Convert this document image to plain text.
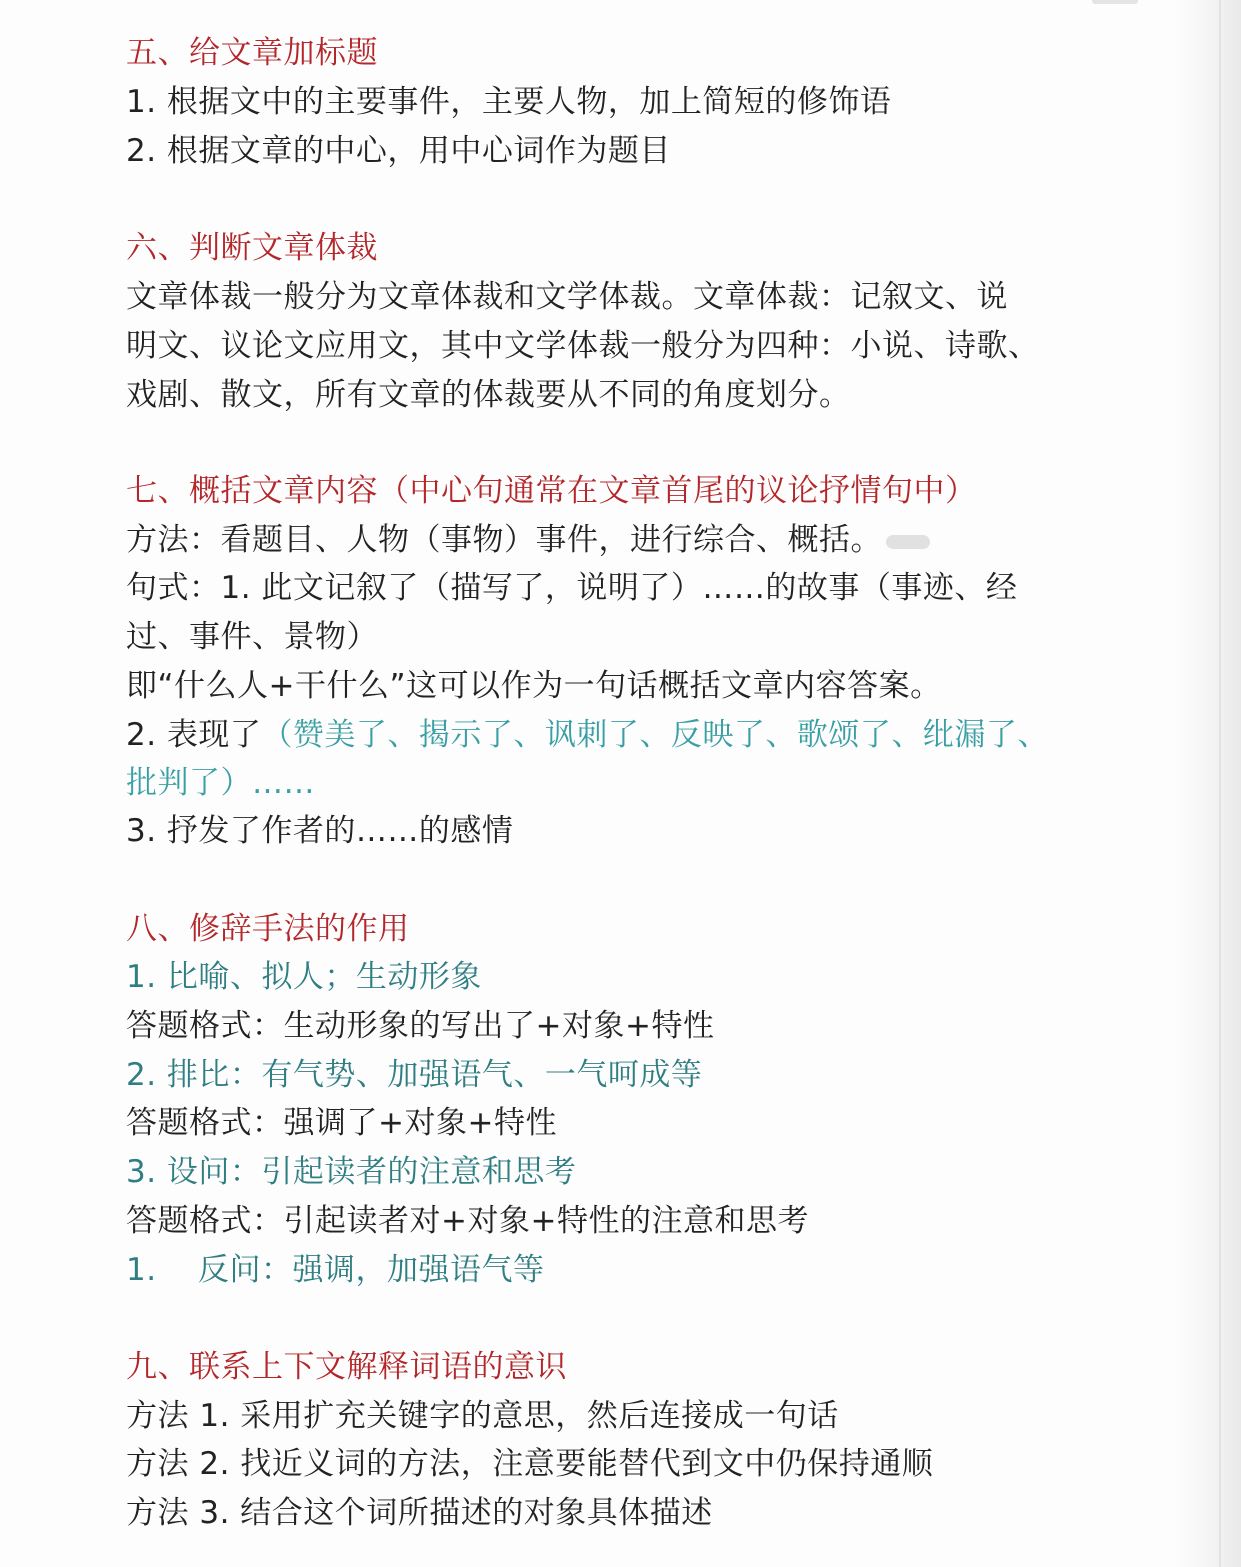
五、给文章加标题
1. 根据文中的主要事件，主要人物，加上简短的修饰语
2. 根据文章的中心，用中心词作为题目
六、判断文章体裁
文章体裁一般分为文章体裁和文学体裁。文章体裁：记叙文、说
明文、议论文应用文，其中文学体裁一般分为四种：小说、诗歌、
戏剧、散文，所有文章的体裁要从不同的角度划分。
七、概括文章内容（中心句通常在文章首尾的议论抒情句中）
方法：看题目、人物（事物）事件，进行综合、概括。
句式：1. 此文记叙了（描写了，说明了）……的故事（事迹、经
过、事件、景物）
即“什么人+干什么”这可以作为一句话概括文章内容答案。
2. 表现了（赞美了、揭示了、讽刺了、反映了、歌颂了、纰漏了、
批判了）……
3. 抒发了作者的……的感情
八、修辞手法的作用
1. 比喻、拟人；生动形象
答题格式：生动形象的写出了+对象+特性
2. 排比：有气势、加强语气、一气呵成等
答题格式：强调了+对象+特性
3. 设问：引起读者的注意和思考
答题格式：引起读者对+对象+特性的注意和思考
1.    反问：强调，加强语气等
九、联系上下文解释词语的意识
方法 1. 采用扩充关键字的意思，然后连接成一句话
方法 2. 找近义词的方法，注意要能替代到文中仍保持通顺
方法 3. 结合这个词所描述的对象具体描述
